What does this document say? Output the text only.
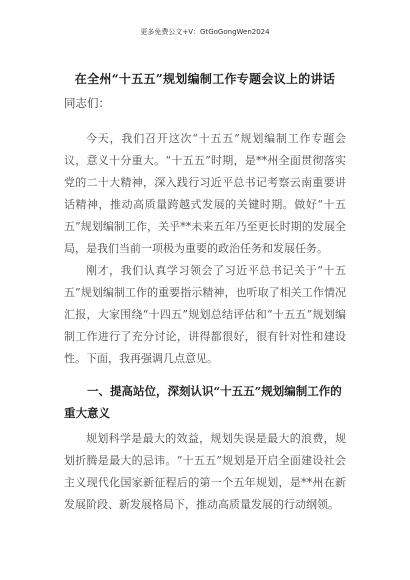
更多免费公文+V：GtGoGongWen2024
在全州“十五五”规划编制工作专题会议上的讲话
同志们：

今天，我们召开这次“十五五”规划编制工作专题会议，意义十分重大。“十五五”时期，是**州全面贯彻落实党的二十大精神，深入践行习近平总书记考察云南重要讲话精神，推动高质量跨越式发展的关键时期。做好“十五五”规划编制工作，关乎**未来五年乃至更长时期的发展全局，是我们当前一项极为重要的政治任务和发展任务。

刚才，我们认真学习领会了习近平总书记关于“十五五”规划编制工作的重要指示精神，也听取了相关工作情况汇报，大家围绕“十四五”规划总结评估和“十五五”规划编制工作进行了充分讨论，讲得都很好，很有针对性和建设性。下面，我再强调几点意见。

一、提高站位，深刻认识“十五五”规划编制工作的重大意义

规划科学是最大的效益，规划失误是最大的浪费，规划折腾是最大的忌讳。“十五五”规划是开启全面建设社会主义现代化国家新征程后的第一个五年规划，是**州在新发展阶段、新发展格局下，推动高质量发展的行动纲领。
